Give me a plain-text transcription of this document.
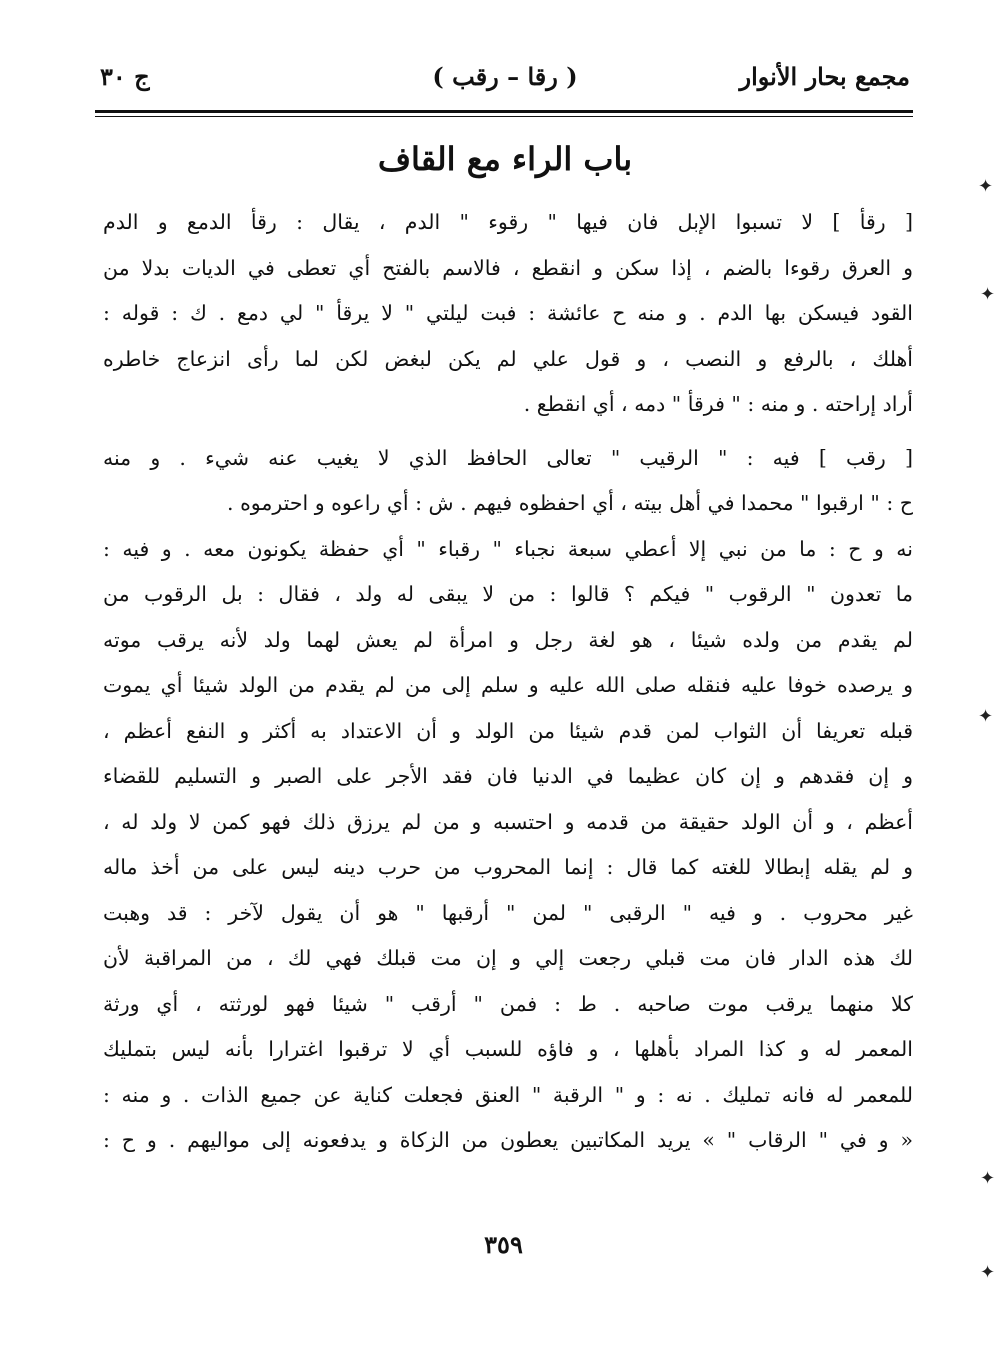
مجمع بحار الأنوار
( رقا – رقب )
ج ٣٠
باب الراء مع القاف
[ رقأ ] لا تسبوا الإبل فان فيها " رقوء " الدم ، يقال : رقأ الدمع و الدم
و العرق رقوءا بالضم ، إذا سكن و انقطع ، فالاسم بالفتح أي تعطى في الديات بدلا من
القود فيسكن بها الدم . و منه ح عائشة : فبت ليلتي " لا يرقأ " لي دمع . ك : قوله :
أهلك ، بالرفع و النصب ، و قول علي لم يكن لبغض لكن لما رأى انزعاج خاطره
أراد إراحته . و منه : " فرقأ " دمه ، أي انقطع .
[ رقب ] فيه : " الرقيب " تعالى الحافظ الذي لا يغيب عنه شيء . و منه
ح : " ارقبوا " محمدا في أهل بيته ، أي احفظوه فيهم . ش : أي راعوه و احترموه .
نه و ح : ما من نبي إلا أعطي سبعة نجباء " رقباء " أي حفظة يكونون معه . و فيه :
ما تعدون " الرقوب " فيكم ؟ قالوا : من لا يبقى له ولد ، فقال : بل الرقوب من
لم يقدم من ولده شيئا ، هو لغة رجل و امرأة لم يعش لهما ولد لأنه يرقب موته
و يرصده خوفا عليه فنقله صلى الله عليه و سلم إلى من لم يقدم من الولد شيئا أي يموت
قبله تعريفا أن الثواب لمن قدم شيئا من الولد و أن الاعتداد به أكثر و النفع أعظم ،
و إن فقدهم و إن كان عظيما في الدنيا فان فقد الأجر على الصبر و التسليم للقضاء
أعظم ، و أن الولد حقيقة من قدمه و احتسبه و من لم يرزق ذلك فهو كمن لا ولد له ،
و لم يقله إبطالا للغته كما قال : إنما المحروب من حرب دينه ليس على من أخذ ماله
غير محروب . و فيه " الرقبى " لمن " أرقبها " هو أن يقول لآخر : قد وهبت
لك هذه الدار فان مت قبلي رجعت إلي و إن مت قبلك فهي لك ، من المراقبة لأن
كلا منهما يرقب موت صاحبه . ط : فمن " أرقب " شيئا فهو لورثته ، أي ورثة
المعمر له و كذا المراد بأهلها ، و فاؤه للسبب أي لا ترقبوا اغترارا بأنه ليس بتمليك
للمعمر له فانه تمليك . نه : و " الرقبة " العنق فجعلت كناية عن جميع الذات . و منه :
« و في " الرقاب " » يريد المكاتبين يعطون من الزكاة و يدفعونه إلى مواليهم . و ح :
٣٥٩
✦
✦
✦
✦
✦
